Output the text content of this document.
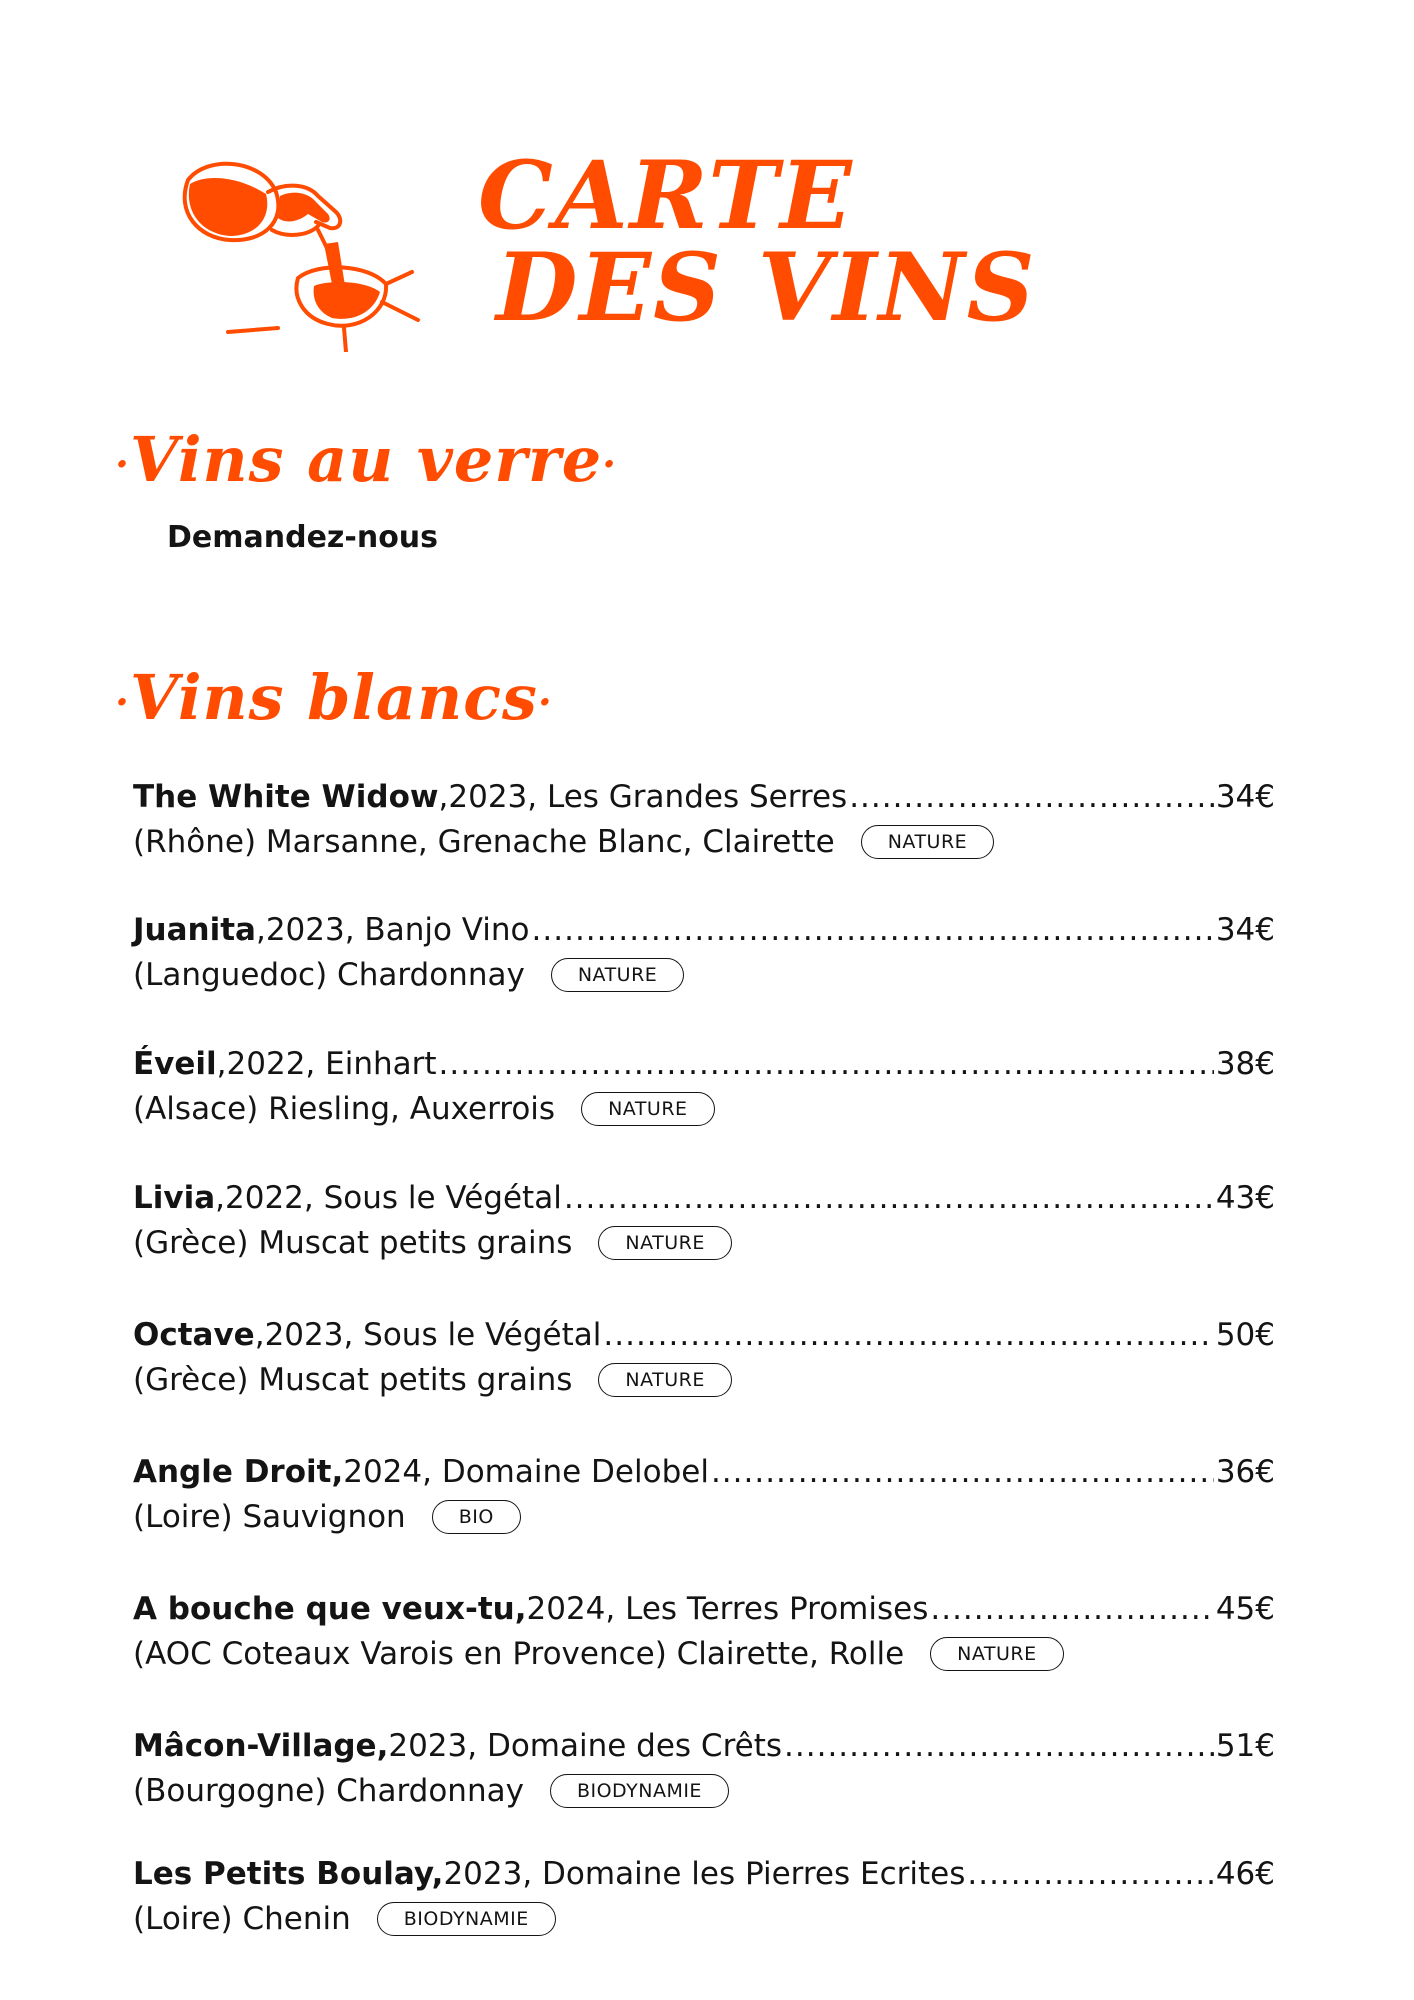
CARTE
DES VINS
·Vins au verre·

Demandez-nous

·Vins blancs·
The White Widow , 2023, Les Grandes Serres .....	34€
(Rhône) Marsanne, Grenache Blanc, Clairette	NATURE
Juanita , 2023, Banjo Vino .....	34€
(Languedoc) Chardonnay	NATURE
Éveil , 2022, Einhart .....	38€
(Alsace) Riesling, Auxerrois	NATURE
Livia , 2022, Sous le Végétal .....	43€
(Grèce) Muscat petits grains	NATURE
Octave , 2023, Sous le Végétal .....	50€
(Grèce) Muscat petits grains	NATURE
Angle Droit, 2024, Domaine Delobel .....	36€
(Loire) Sauvignon	BIO
A bouche que veux-tu, 2024, Les Terres Promises .....	45€
(AOC Coteaux Varois en Provence) Clairette, Rolle	NATURE
Mâcon-Village, 2023, Domaine des Crêts .....	51€
(Bourgogne) Chardonnay	BIODYNAMIE
Les Petits Boulay, 2023, Domaine les Pierres Ecrites .....	46€
(Loire) Chenin	BIODYNAMIE
